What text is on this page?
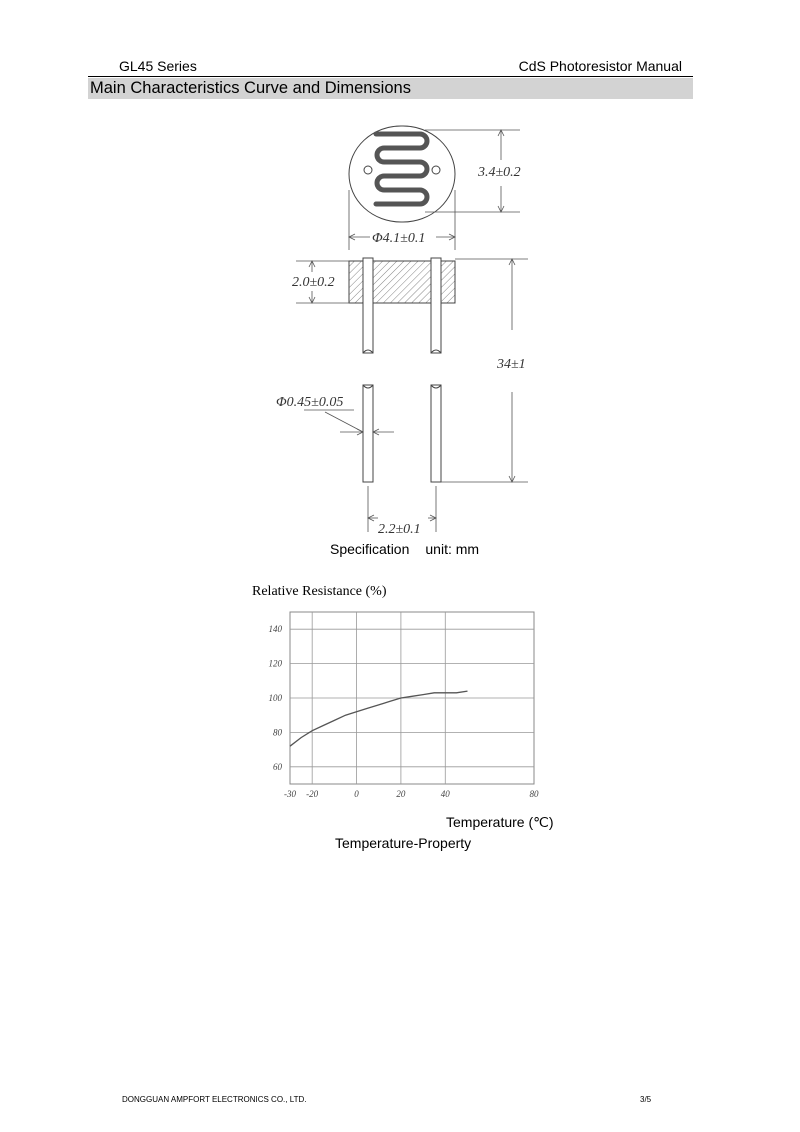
GL45 Series	CdS Photoresistor Manual
Main Characteristics Curve and Dimensions
3.4±0.2
Φ4.1±0.1
2.0±0.2
34±1
Φ0.45±0.05
2.2±0.1
Specification unit: mm
Relative Resistance (%)
140
120
100
80
60
-30 -20	0	20	40	80
Temperature (℃)
Temperature-Property
DONGGUAN AMPFORT ELECTRONICS CO., LTD.	3/5
